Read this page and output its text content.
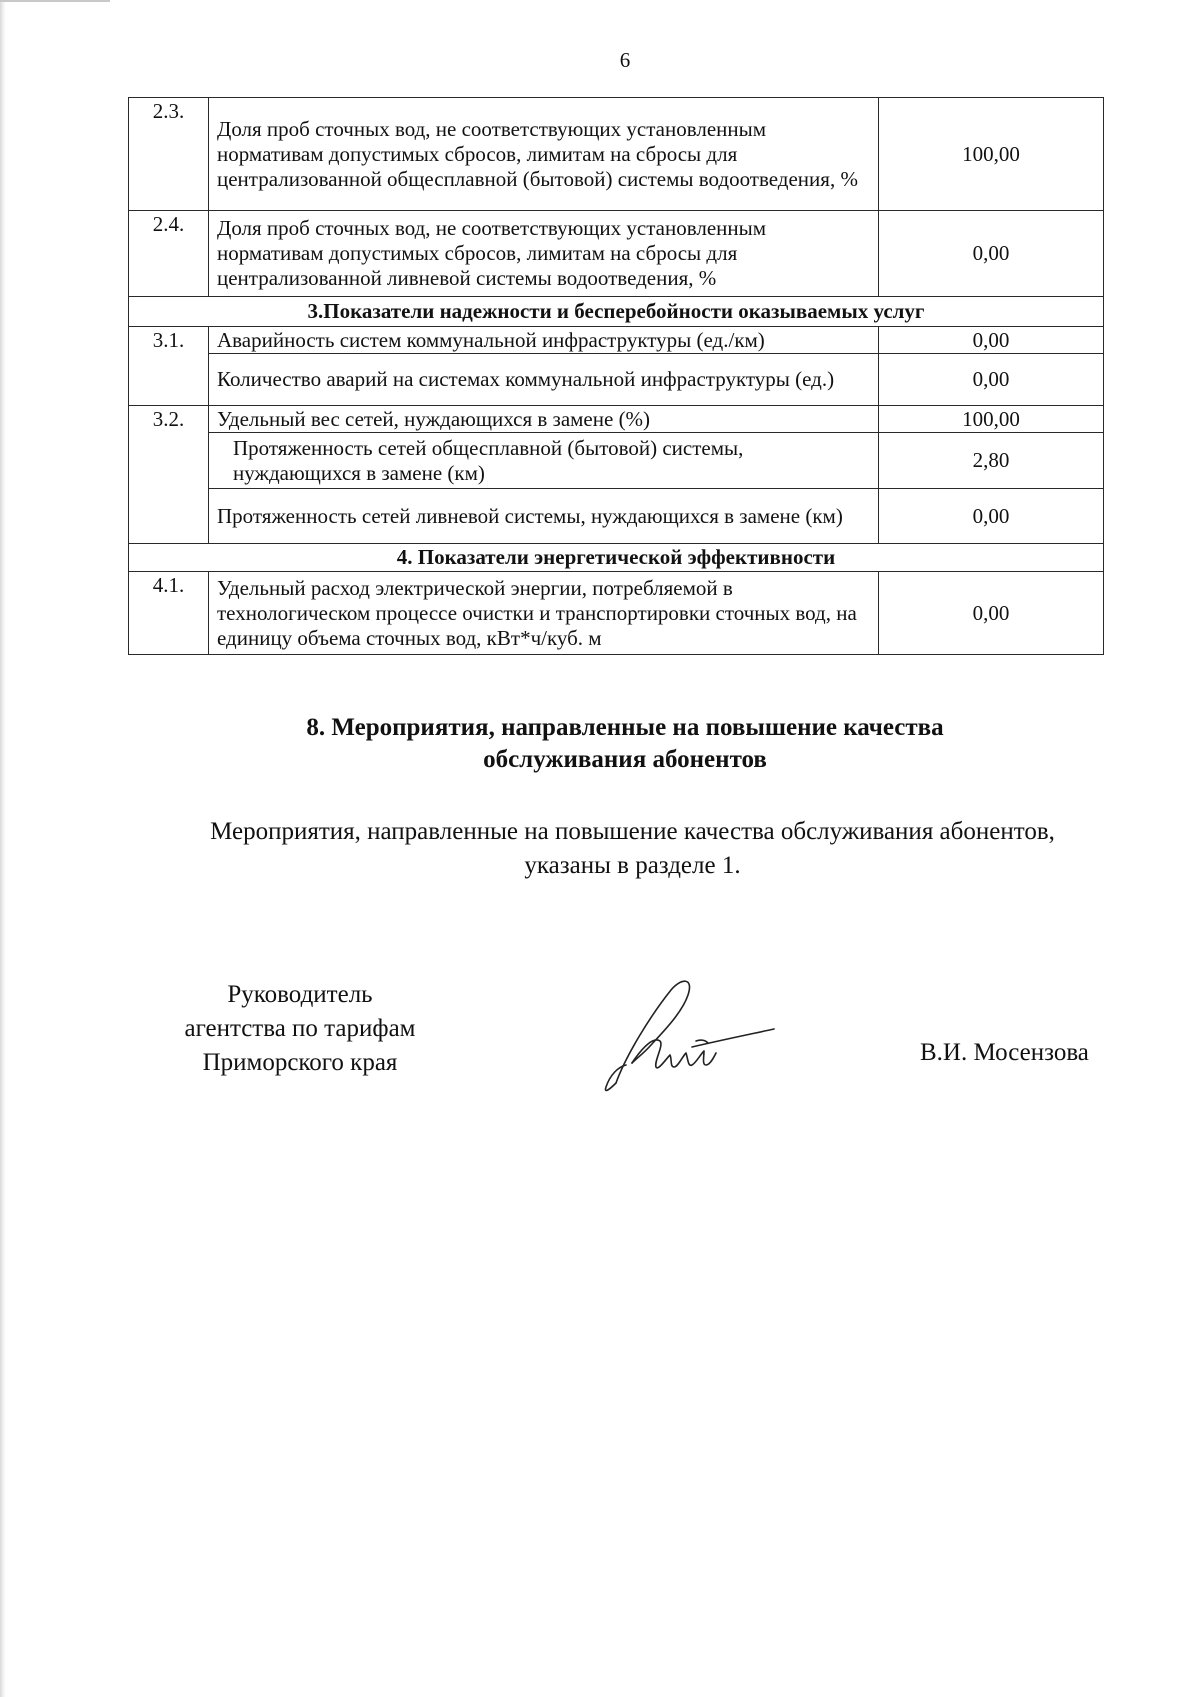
6
2.3.	Доля проб сточных вод, не соответствующих установленным нормативам допустимых сбросов, лимитам на сбросы для централизованной общесплавной (бытовой) системы водоотведения, %	100,00
2.4.	Доля проб сточных вод, не соответствующих установленным нормативам допустимых сбросов, лимитам на сбросы для централизованной ливневой системы водоотведения, %	0,00
3.Показатели надежности и бесперебойности оказываемых услуг		
3.1.	Аварийность систем коммунальной инфраструктуры (ед./км)	0,00
	Количество аварий на системах коммунальной инфраструктуры (ед.)	0,00
3.2.	Удельный вес сетей, нуждающихся в замене (%)	100,00
	Протяженность сетей общесплавной (бытовой) системы, нуждающихся в замене (км)	2,80
	Протяженность сетей ливневой системы, нуждающихся в замене (км)	0,00
4. Показатели энергетической эффективности		
4.1.	Удельный расход электрической энергии, потребляемой в технологическом процессе очистки и транспортировки сточных вод, на единицу объема сточных вод, кВт*ч/куб. м	0,00
8. Мероприятия, направленные на повышение качества
обслуживания абонентов
Мероприятия, направленные на повышение качества обслуживания абонентов,
указаны в разделе 1.
Руководитель
агентства по тарифам
Приморского края	В.И. Мосензова
